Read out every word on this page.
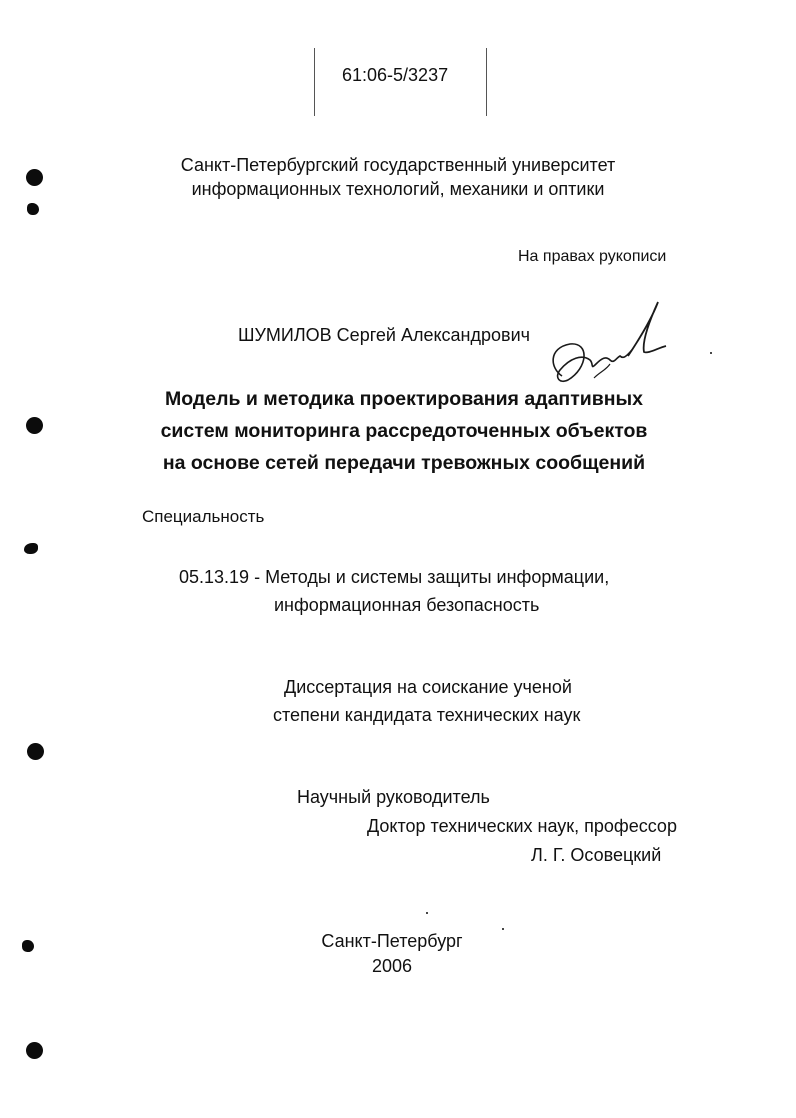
61:06-5/3237
Санкт-Петербургский государственный университет
информационных технологий, механики и оптики
На правах рукописи
ШУМИЛОВ Сергей Александрович
Модель и методика проектирования адаптивных
систем мониторинга рассредоточенных объектов
на основе сетей передачи тревожных сообщений
Специальность
05.13.19 - Методы и системы защиты информации,
информационная безопасность
Диссертация на соискание ученой
степени кандидата технических наук
Научный руководитель
Доктор технических наук, профессор
Л. Г. Осовецкий
Санкт-Петербург
2006
